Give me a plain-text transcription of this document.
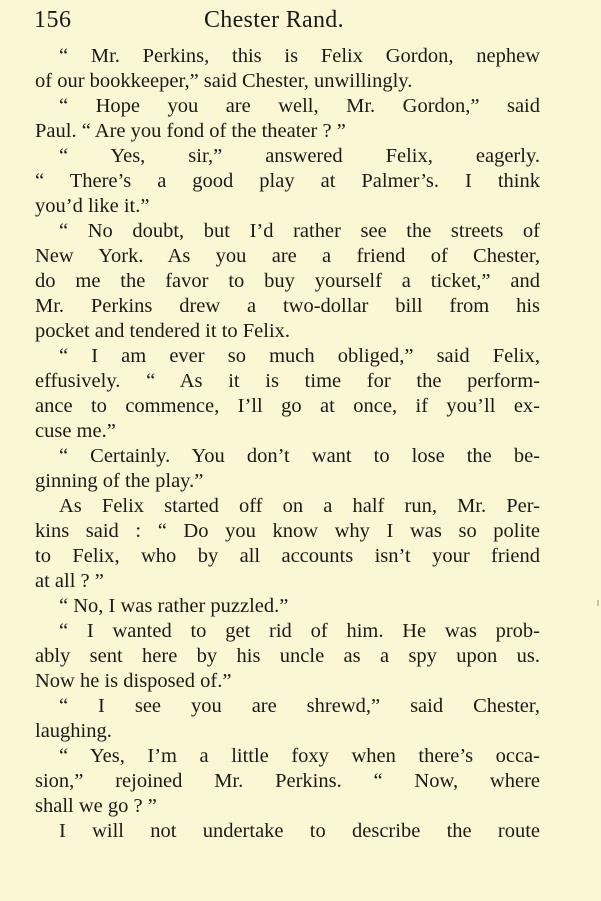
156	Chester Rand.
“ Mr. Perkins, this is Felix Gordon, nephew
of our bookkeeper,” said Chester, unwillingly.
“ Hope you are well, Mr. Gordon,” said
Paul. “ Are you fond of the theater ? ”
“ Yes, sir,” answered Felix, eagerly.
“ There’s a good play at Palmer’s. I think
you’d like it.”
“ No doubt, but I’d rather see the streets of
New York. As you are a friend of Chester,
do me the favor to buy yourself a ticket,” and
Mr. Perkins drew a two-dollar bill from his
pocket and tendered it to Felix.
“ I am ever so much obliged,” said Felix,
effusively. “ As it is time for the perform-
ance to commence, I’ll go at once, if you’ll ex-
cuse me.”
“ Certainly. You don’t want to lose the be-
ginning of the play.”
As Felix started off on a half run, Mr. Per-
kins said : “ Do you know why I was so polite
to Felix, who by all accounts isn’t your friend
at all ? ”
“ No, I was rather puzzled.”
“ I wanted to get rid of him. He was prob-
ably sent here by his uncle as a spy upon us.
Now he is disposed of.”
“ I see you are shrewd,” said Chester,
laughing.
“ Yes, I’m a little foxy when there’s occa-
sion,” rejoined Mr. Perkins. “ Now, where
shall we go ? ”
I will not undertake to describe the route
